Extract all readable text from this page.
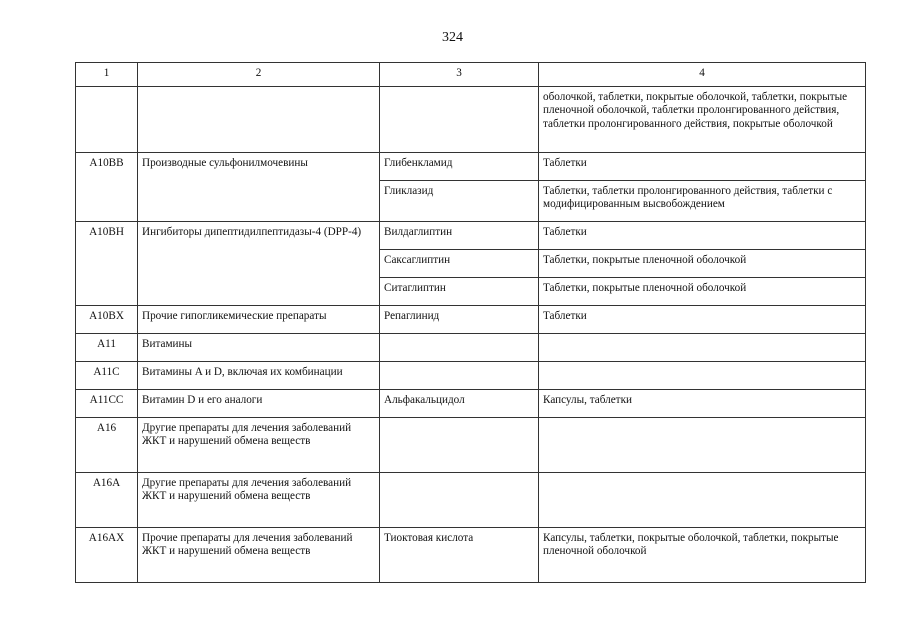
324
1	2	3	4
			оболочкой, таблетки, покрытые оболочкой, таблетки, покрытые пленочной оболочкой, таблетки пролонгированного действия, таблетки пролонгированного действия, покрытые оболочкой
A10BB	Производные сульфонилмочевины	Глибенкламид	Таблетки
		Гликлазид	Таблетки, таблетки пролонгированного действия, таблетки с модифицированным высвобождением
A10BH	Ингибиторы дипептидилпептидазы-4 (DPP-4)	Вилдаглиптин	Таблетки
		Саксаглиптин	Таблетки, покрытые пленочной оболочкой
		Ситаглиптин	Таблетки, покрытые пленочной оболочкой
A10BX	Прочие гипогликемические препараты	Репаглинид	Таблетки
A11	Витамины		
A11C	Витамины A и D, включая их комбинации		
A11CC	Витамин D и его аналоги	Альфакальцидол	Капсулы, таблетки
A16	Другие препараты для лечения заболеваний ЖКТ и нарушений обмена веществ		
A16A	Другие препараты для лечения заболеваний ЖКТ и нарушений обмена веществ		
A16AX	Прочие препараты для лечения заболеваний ЖКТ и нарушений обмена веществ	Тиоктовая кислота	Капсулы, таблетки, покрытые оболочкой, таблетки, покрытые пленочной оболочкой
